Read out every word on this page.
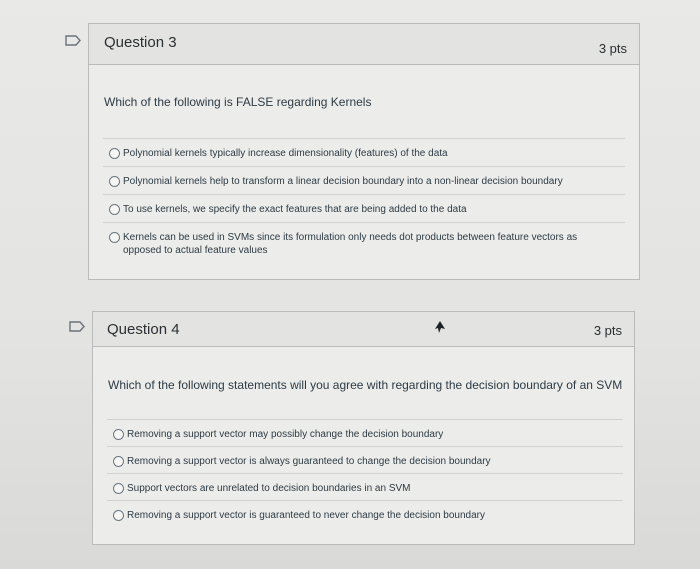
Question 3	3 pts
Which of the following is FALSE regarding Kernels
Polynomial kernels typically increase dimensionality (features) of the data
Polynomial kernels help to transform a linear decision boundary into a non-linear decision boundary
To use kernels, we specify the exact features that are being added to the data
Kernels can be used in SVMs since its formulation only needs dot products between feature vectors as opposed to actual feature values
Question 4	3 pts
Which of the following statements will you agree with regarding the decision boundary of an SVM
Removing a support vector may possibly change the decision boundary
Removing a support vector is always guaranteed to change the decision boundary
Support vectors are unrelated to decision boundaries in an SVM
Removing a support vector is guaranteed to never change the decision boundary
